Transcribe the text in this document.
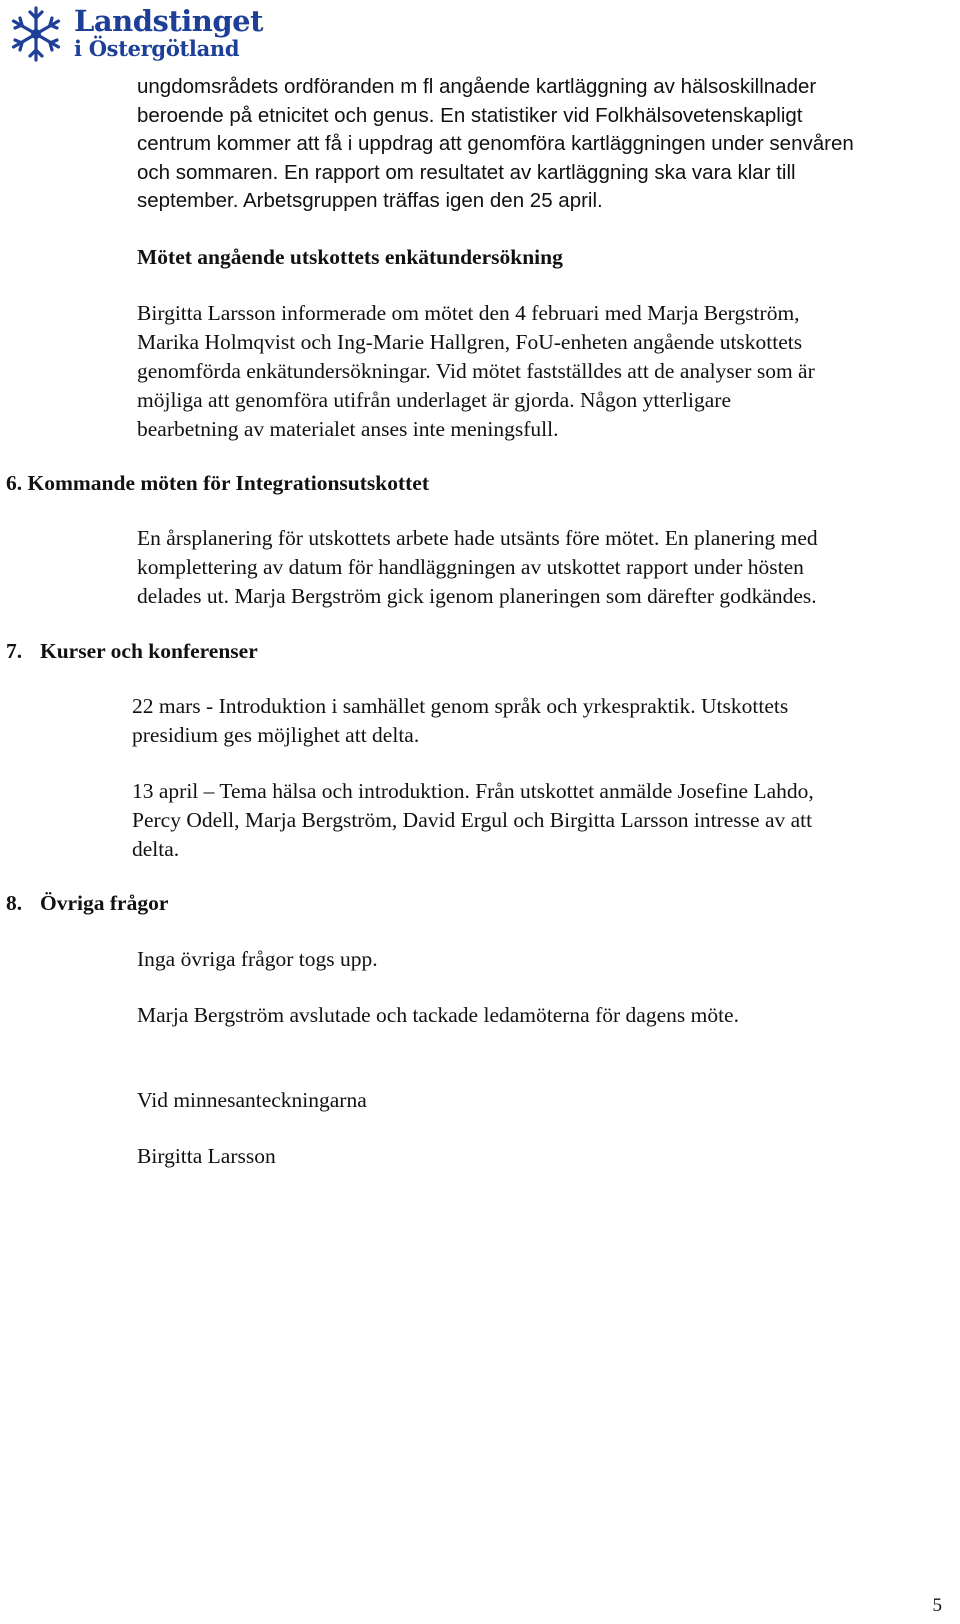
Landstinget
i Östergötland
ungdomsrådets ordföranden m fl angående kartläggning av hälsoskillnader
beroende på etnicitet och genus. En statistiker vid Folkhälsovetenskapligt
centrum kommer att få i uppdrag att genomföra kartläggningen under senvåren
och sommaren. En rapport om resultatet av kartläggning ska vara klar till
september. Arbetsgruppen träffas igen den 25 april.
Mötet angående utskottets enkätundersökning
Birgitta Larsson informerade om mötet den 4 februari med Marja Bergström,
Marika Holmqvist och Ing-Marie Hallgren, FoU-enheten angående utskottets
genomförda enkätundersökningar. Vid mötet fastställdes att de analyser som är
möjliga att genomföra utifrån underlaget är gjorda. Någon ytterligare
bearbetning av materialet anses inte meningsfull.
6. Kommande möten för Integrationsutskottet
En årsplanering för utskottets arbete hade utsänts före mötet. En planering med
komplettering av datum för handläggningen av utskottet rapport under hösten
delades ut. Marja Bergström gick igenom planeringen som därefter godkändes.
7. Kurser och konferenser
22 mars - Introduktion i samhället genom språk och yrkespraktik. Utskottets
presidium ges möjlighet att delta.
13 april – Tema hälsa och introduktion. Från utskottet anmälde Josefine Lahdo,
Percy Odell, Marja Bergström, David Ergul och Birgitta Larsson intresse av att
delta.
8. Övriga frågor
Inga övriga frågor togs upp.
Marja Bergström avslutade och tackade ledamöterna för dagens möte.
Vid minnesanteckningarna
Birgitta Larsson
5
